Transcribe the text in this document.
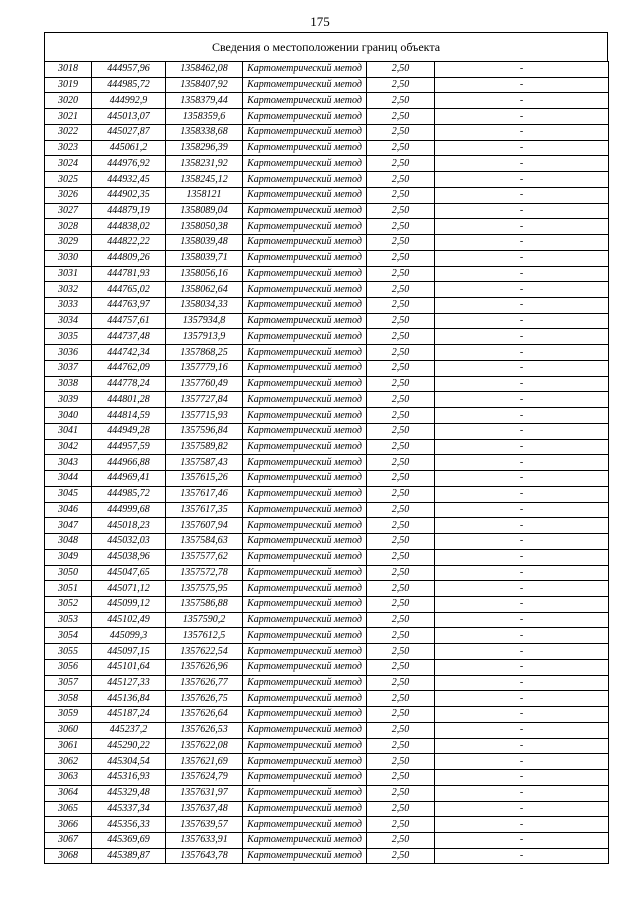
175
Сведения о местоположении границ объекта
3018	444957,96	1358462,08	Картометрический метод	2,50	-
3019	444985,72	1358407,92	Картометрический метод	2,50	-
3020	444992,9	1358379,44	Картометрический метод	2,50	-
3021	445013,07	1358359,6	Картометрический метод	2,50	-
3022	445027,87	1358338,68	Картометрический метод	2,50	-
3023	445061,2	1358296,39	Картометрический метод	2,50	-
3024	444976,92	1358231,92	Картометрический метод	2,50	-
3025	444932,45	1358245,12	Картометрический метод	2,50	-
3026	444902,35	1358121	Картометрический метод	2,50	-
3027	444879,19	1358089,04	Картометрический метод	2,50	-
3028	444838,02	1358050,38	Картометрический метод	2,50	-
3029	444822,22	1358039,48	Картометрический метод	2,50	-
3030	444809,26	1358039,71	Картометрический метод	2,50	-
3031	444781,93	1358056,16	Картометрический метод	2,50	-
3032	444765,02	1358062,64	Картометрический метод	2,50	-
3033	444763,97	1358034,33	Картометрический метод	2,50	-
3034	444757,61	1357934,8	Картометрический метод	2,50	-
3035	444737,48	1357913,9	Картометрический метод	2,50	-
3036	444742,34	1357868,25	Картометрический метод	2,50	-
3037	444762,09	1357779,16	Картометрический метод	2,50	-
3038	444778,24	1357760,49	Картометрический метод	2,50	-
3039	444801,28	1357727,84	Картометрический метод	2,50	-
3040	444814,59	1357715,93	Картометрический метод	2,50	-
3041	444949,28	1357596,84	Картометрический метод	2,50	-
3042	444957,59	1357589,82	Картометрический метод	2,50	-
3043	444966,88	1357587,43	Картометрический метод	2,50	-
3044	444969,41	1357615,26	Картометрический метод	2,50	-
3045	444985,72	1357617,46	Картометрический метод	2,50	-
3046	444999,68	1357617,35	Картометрический метод	2,50	-
3047	445018,23	1357607,94	Картометрический метод	2,50	-
3048	445032,03	1357584,63	Картометрический метод	2,50	-
3049	445038,96	1357577,62	Картометрический метод	2,50	-
3050	445047,65	1357572,78	Картометрический метод	2,50	-
3051	445071,12	1357575,95	Картометрический метод	2,50	-
3052	445099,12	1357586,88	Картометрический метод	2,50	-
3053	445102,49	1357590,2	Картометрический метод	2,50	-
3054	445099,3	1357612,5	Картометрический метод	2,50	-
3055	445097,15	1357622,54	Картометрический метод	2,50	-
3056	445101,64	1357626,96	Картометрический метод	2,50	-
3057	445127,33	1357626,77	Картометрический метод	2,50	-
3058	445136,84	1357626,75	Картометрический метод	2,50	-
3059	445187,24	1357626,64	Картометрический метод	2,50	-
3060	445237,2	1357626,53	Картометрический метод	2,50	-
3061	445290,22	1357622,08	Картометрический метод	2,50	-
3062	445304,54	1357621,69	Картометрический метод	2,50	-
3063	445316,93	1357624,79	Картометрический метод	2,50	-
3064	445329,48	1357631,97	Картометрический метод	2,50	-
3065	445337,34	1357637,48	Картометрический метод	2,50	-
3066	445356,33	1357639,57	Картометрический метод	2,50	-
3067	445369,69	1357633,91	Картометрический метод	2,50	-
3068	445389,87	1357643,78	Картометрический метод	2,50	-
